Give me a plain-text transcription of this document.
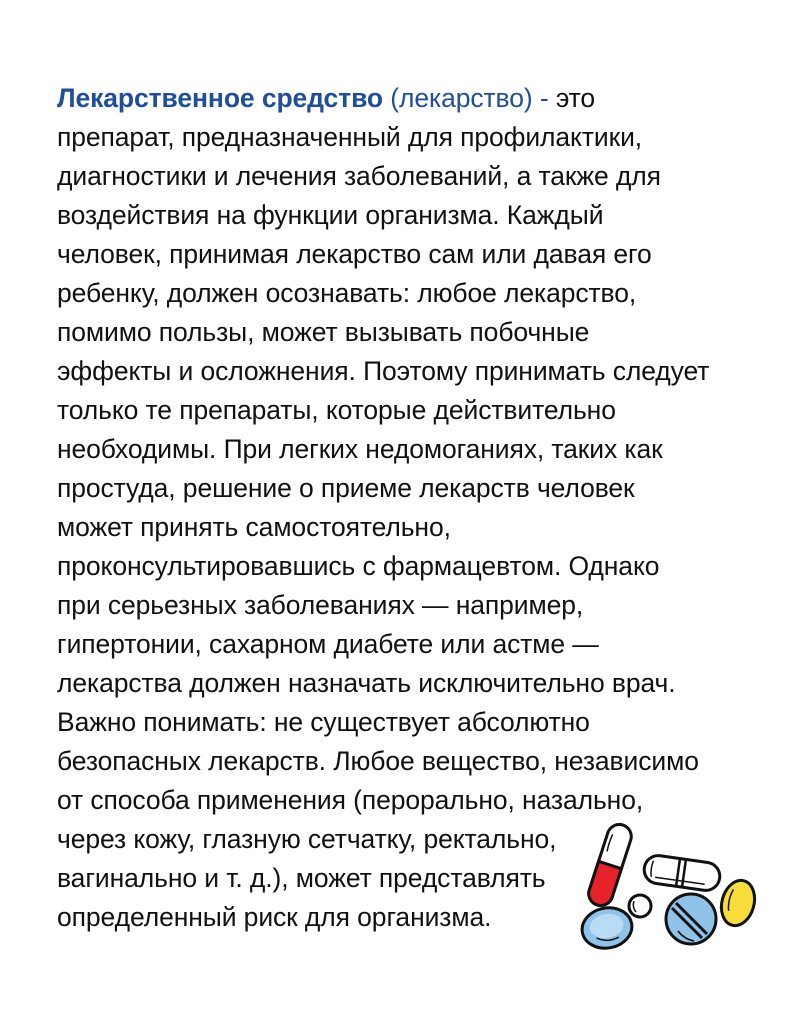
Лекарственное средство (лекарство) - это
препарат, предназначенный для профилактики,
диагностики и лечения заболеваний, а также для
воздействия на функции организма. Каждый
человек, принимая лекарство сам или давая его
ребенку, должен осознавать: любое лекарство,
помимо пользы, может вызывать побочные
эффекты и осложнения. Поэтому принимать следует
только те препараты, которые действительно
необходимы. При легких недомоганиях, таких как
простуда, решение о приеме лекарств человек
может принять самостоятельно,
проконсультировавшись с фармацевтом. Однако
при серьезных заболеваниях — например,
гипертонии, сахарном диабете или астме —
лекарства должен назначать исключительно врач.
Важно понимать: не существует абсолютно
безопасных лекарств. Любое вещество, независимо
от способа применения (перорально, назально,
через кожу, глазную сетчатку, ректально,
вагинально и т. д.), может представлять
определенный риск для организма.
